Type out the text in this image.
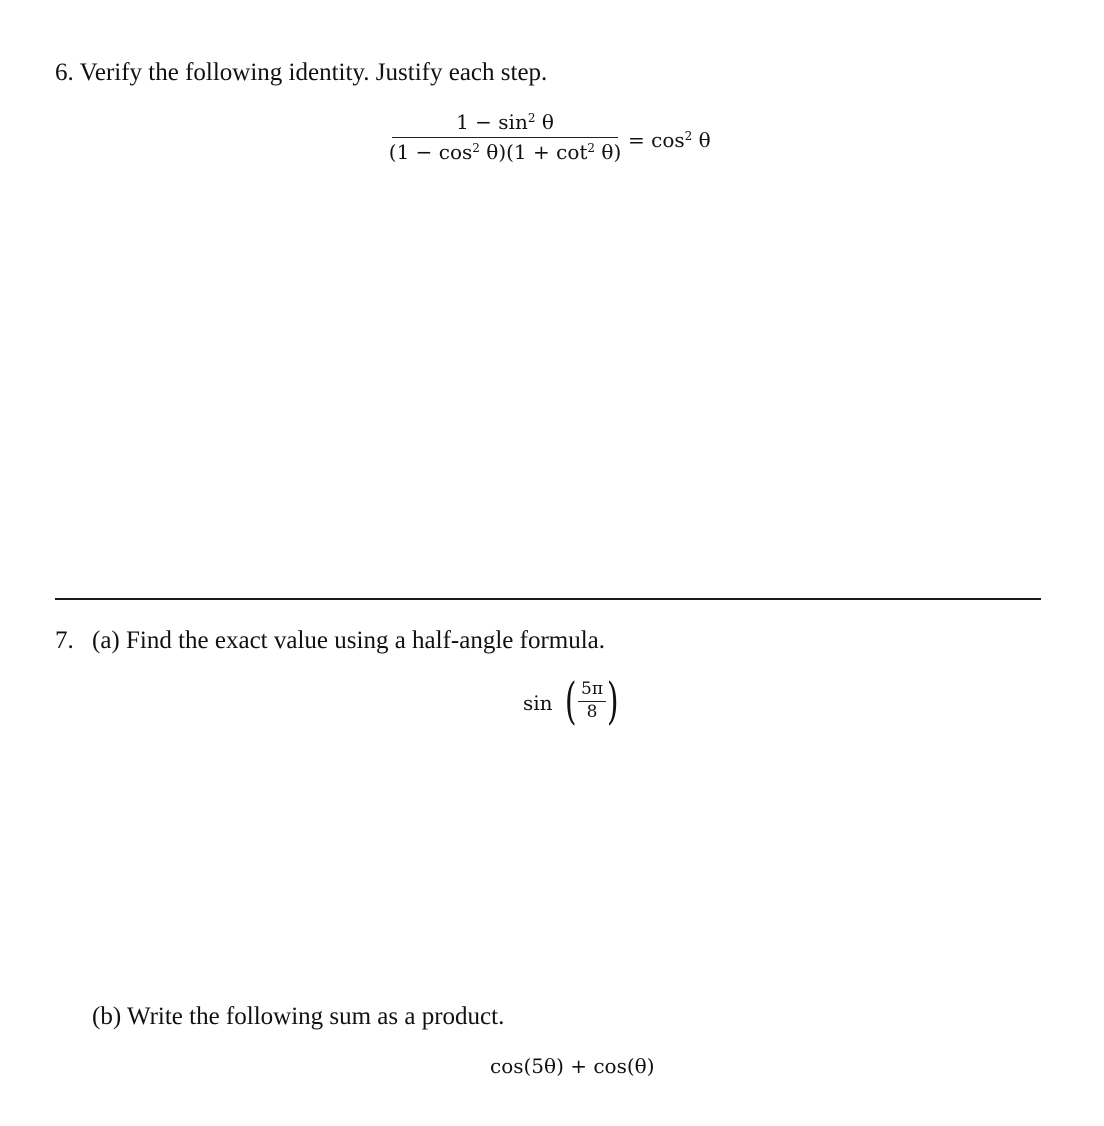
6. Verify the following identity. Justify each step.
$1 - \sin^2 \theta$
$(1 - \cos^2 \theta)(1 + \cot^2 \theta) = \cos^2 \theta$
7. (a) Find the exact value using a half-angle formula.
sin ( 5π
8 )
(b) Write the following sum as a product.
cos(5θ) + cos(θ)
